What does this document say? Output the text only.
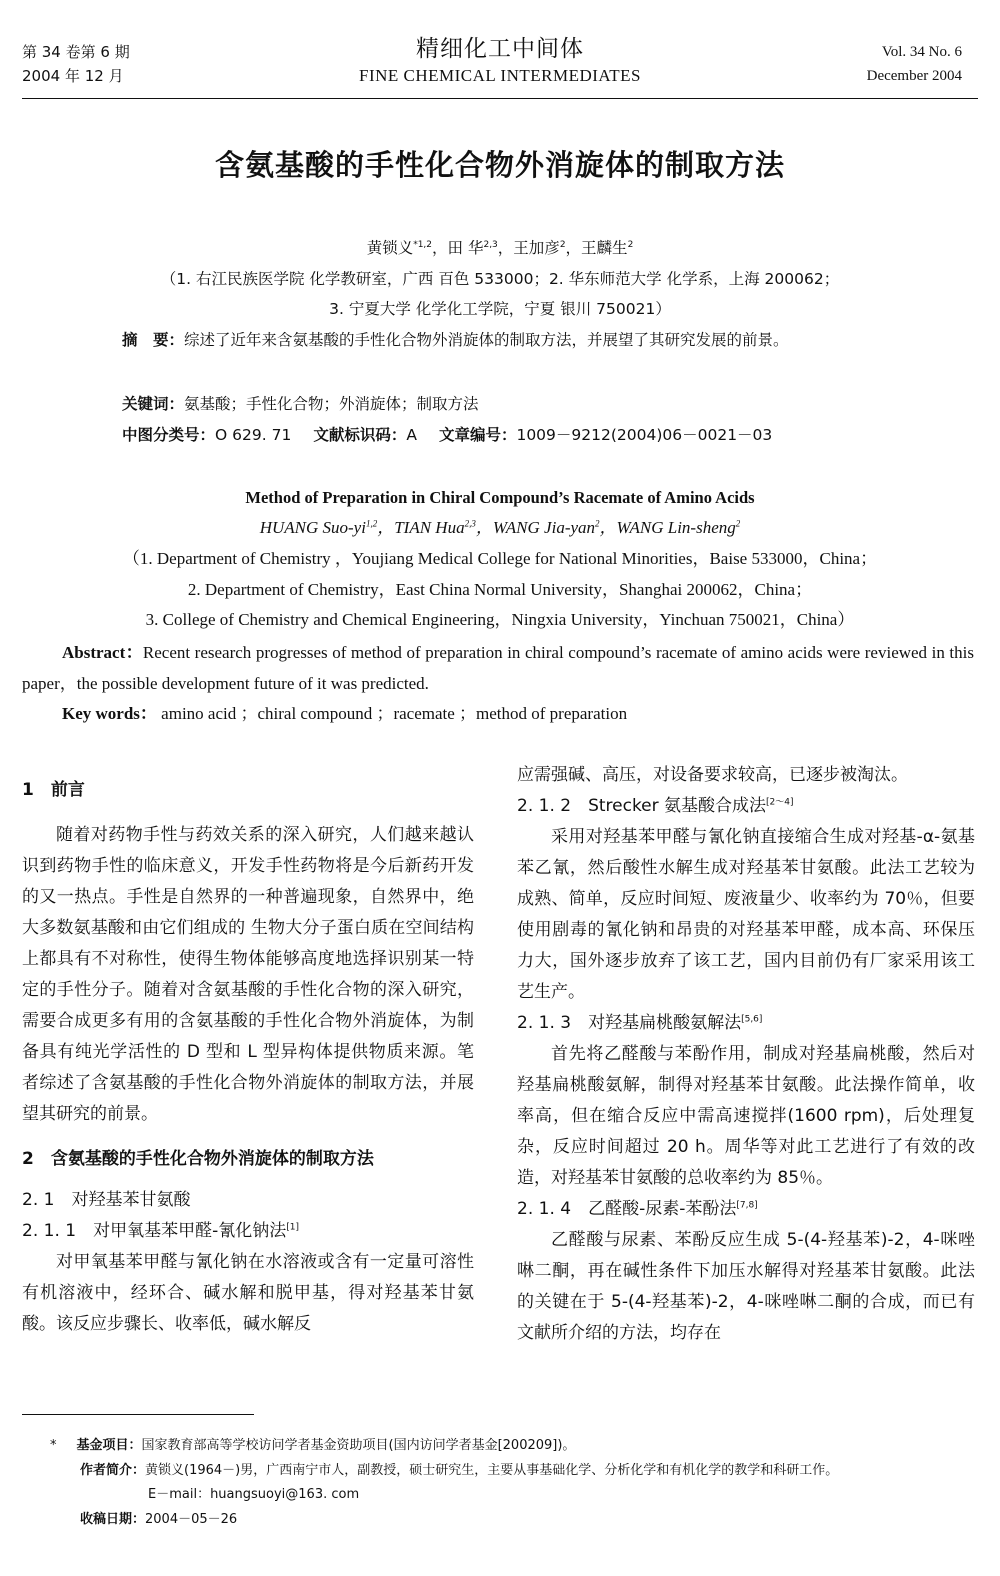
第 34 卷第 6 期
2004 年 12 月
精细化工中间体
FINE CHEMICAL INTERMEDIATES
Vol. 34 No. 6
December 2004
含氨基酸的手性化合物外消旋体的制取方法
黄锁义$^{*1,2}$，田 华$^{2,3}$，王加彦$^2$，王麟生$^2$
（1. 右江民族医学院 化学教研室，广西 百色 533000；2. 华东师范大学 化学系，上海 200062；
3. 宁夏大学 化学化工学院，宁夏 银川 750021）
摘　要：综述了近年来含氨基酸的手性化合物外消旋体的制取方法，并展望了其研究发展的前景。
关键词：氨基酸；手性化合物；外消旋体；制取方法
中图分类号：O 629. 71 文献标识码：A 文章编号：1009－9212(2004)06－0021－03
Method of Preparation in Chiral Compound’s Racemate of Amino Acids
HUANG Suo-yi$^{1,2}$，TIAN Hua$^{2,3}$，WANG Jia-yan$^2$，WANG Lin-sheng$^2$
（1. Department of Chemistry ，Youjiang Medical College for National Minorities，Baise 533000，China；
2. Department of Chemistry，East China Normal University，Shanghai 200062，China；
3. College of Chemistry and Chemical Engineering，Ningxia University，Yinchuan 750021，China）
Abstract：Recent research progresses of method of preparation in chiral compound’s racemate of amino acids were reviewed in this paper，the possible development future of it was predicted.
Key words： amino acid ；chiral compound ；racemate ；method of preparation

1　前言

随着对药物手性与药效关系的深入研究，人们越来越认识到药物手性的临床意义，开发手性药物将是今后新药开发的又一热点。手性是自然界的一种普遍现象，自然界中，绝大多数氨基酸和由它们组成的 生物大分子蛋白质在空间结构上都具有不对称性，使得生物体能够高度地选择识别某一特定的手性分子。随着对含氨基酸的手性化合物的深入研究，需要合成更多有用的含氨基酸的手性化合物外消旋体，为制备具有纯光学活性的 D 型和 L 型异构体提供物质来源。笔者综述了含氨基酸的手性化合物外消旋体的制取方法，并展望其研究的前景。

2　含氨基酸的手性化合物外消旋体的制取方法

2. 1　对羟基苯甘氨酸

2. 1. 1　对甲氧基苯甲醛-氰化钠法[1]

对甲氧基苯甲醛与氰化钠在水溶液或含有一定量可溶性有机溶液中，经环合、碱水解和脱甲基，得对羟基苯甘氨酸。该反应步骤长、收率低，碱水解反

应需强碱、高压，对设备要求较高，已逐步被淘汰。

2. 1. 2　Strecker 氨基酸合成法[2～4]

采用对羟基苯甲醛与氰化钠直接缩合生成对羟基-α-氨基苯乙氰，然后酸性水解生成对羟基苯甘氨酸。此法工艺较为成熟、简单，反应时间短、废液量少、收率约为 70％，但要使用剧毒的氰化钠和昂贵的对羟基苯甲醛，成本高、环保压力大，国外逐步放弃了该工艺，国内目前仍有厂家采用该工艺生产。

2. 1. 3　对羟基扁桃酸氨解法[5,6]

首先将乙醛酸与苯酚作用，制成对羟基扁桃酸，然后对羟基扁桃酸氨解，制得对羟基苯甘氨酸。此法操作简单，收率高，但在缩合反应中需高速搅拌(1600 rpm)，后处理复杂，反应时间超过 20 h。周华等对此工艺进行了有效的改造，对羟基苯甘氨酸的总收率约为 85％。

2. 1. 4　乙醛酸-尿素-苯酚法[7,8]

乙醛酸与尿素、苯酚反应生成 5-(4-羟基苯)-2，4-咪唑啉二酮，再在碱性条件下加压水解得对羟基苯甘氨酸。此法的关键在于 5-(4-羟基苯)-2，4-咪唑啉二酮的合成，而已有文献所介绍的方法，均存在

* 基金项目：国家教育部高等学校访问学者基金资助项目(国内访问学者基金[200209])。

作者简介：黄锁义(1964－)男，广西南宁市人，副教授，硕士研究生，主要从事基础化学、分析化学和有机化学的教学和科研工作。

E－mail：huangsuoyi@163. com

收稿日期：2004－05－26
